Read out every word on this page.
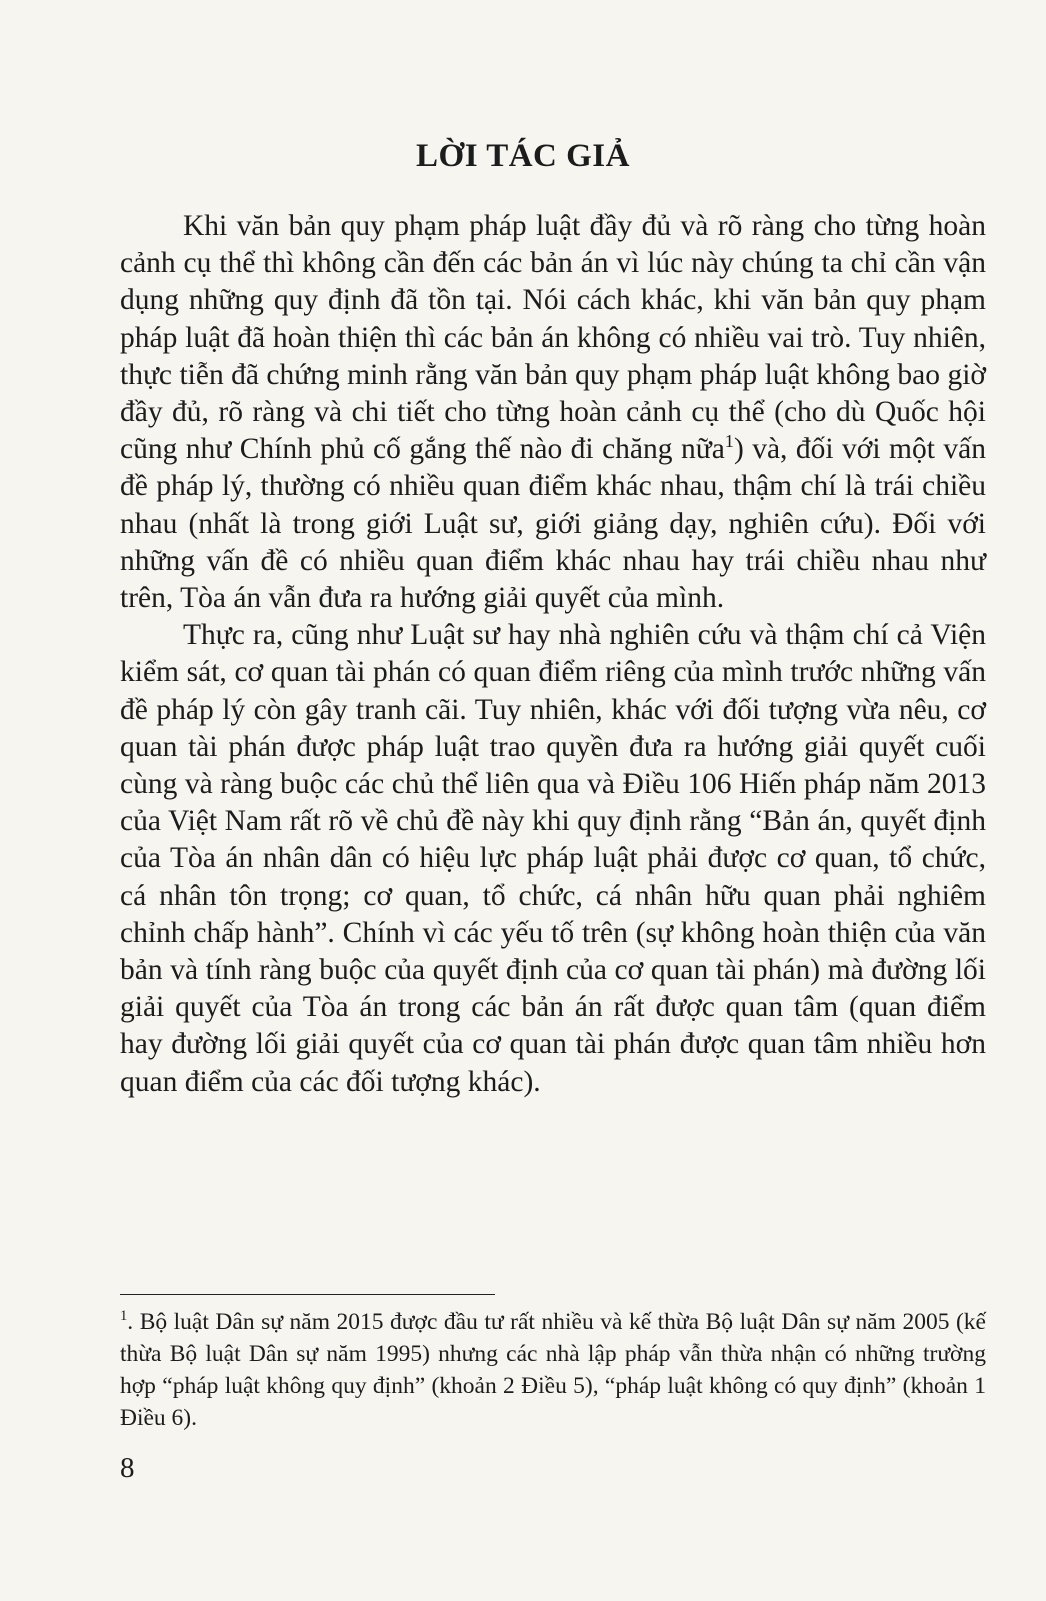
LỜI TÁC GIẢ

Khi văn bản quy phạm pháp luật đầy đủ và rõ ràng cho từng hoàn cảnh cụ thể thì không cần đến các bản án vì lúc này chúng ta chỉ cần vận dụng những quy định đã tồn tại. Nói cách khác, khi văn bản quy phạm pháp luật đã hoàn thiện thì các bản án không có nhiều vai trò. Tuy nhiên, thực tiễn đã chứng minh rằng văn bản quy phạm pháp luật không bao giờ đầy đủ, rõ ràng và chi tiết cho từng hoàn cảnh cụ thể (cho dù Quốc hội cũng như Chính phủ cố gắng thế nào đi chăng nữa$^1$) và, đối với một vấn đề pháp lý, thường có nhiều quan điểm khác nhau, thậm chí là trái chiều nhau (nhất là trong giới Luật sư, giới giảng dạy, nghiên cứu). Đối với những vấn đề có nhiều quan điểm khác nhau hay trái chiều nhau như trên, Tòa án vẫn đưa ra hướng giải quyết của mình.

Thực ra, cũng như Luật sư hay nhà nghiên cứu và thậm chí cả Viện kiểm sát, cơ quan tài phán có quan điểm riêng của mình trước những vấn đề pháp lý còn gây tranh cãi. Tuy nhiên, khác với đối tượng vừa nêu, cơ quan tài phán được pháp luật trao quyền đưa ra hướng giải quyết cuối cùng và ràng buộc các chủ thể liên qua và Điều 106 Hiến pháp năm 2013 của Việt Nam rất rõ về chủ đề này khi quy định rằng “Bản án, quyết định của Tòa án nhân dân có hiệu lực pháp luật phải được cơ quan, tổ chức, cá nhân tôn trọng; cơ quan, tổ chức, cá nhân hữu quan phải nghiêm chỉnh chấp hành”. Chính vì các yếu tố trên (sự không hoàn thiện của văn bản và tính ràng buộc của quyết định của cơ quan tài phán) mà đường lối giải quyết của Tòa án trong các bản án rất được quan tâm (quan điểm hay đường lối giải quyết của cơ quan tài phán được quan tâm nhiều hơn quan điểm của các đối tượng khác).

$^1$. Bộ luật Dân sự năm 2015 được đầu tư rất nhiều và kế thừa Bộ luật Dân sự năm 2005 (kế thừa Bộ luật Dân sự năm 1995) nhưng các nhà lập pháp vẫn thừa nhận có những trường hợp “pháp luật không quy định” (khoản 2 Điều 5), “pháp luật không có quy định” (khoản 1 Điều 6).

8
